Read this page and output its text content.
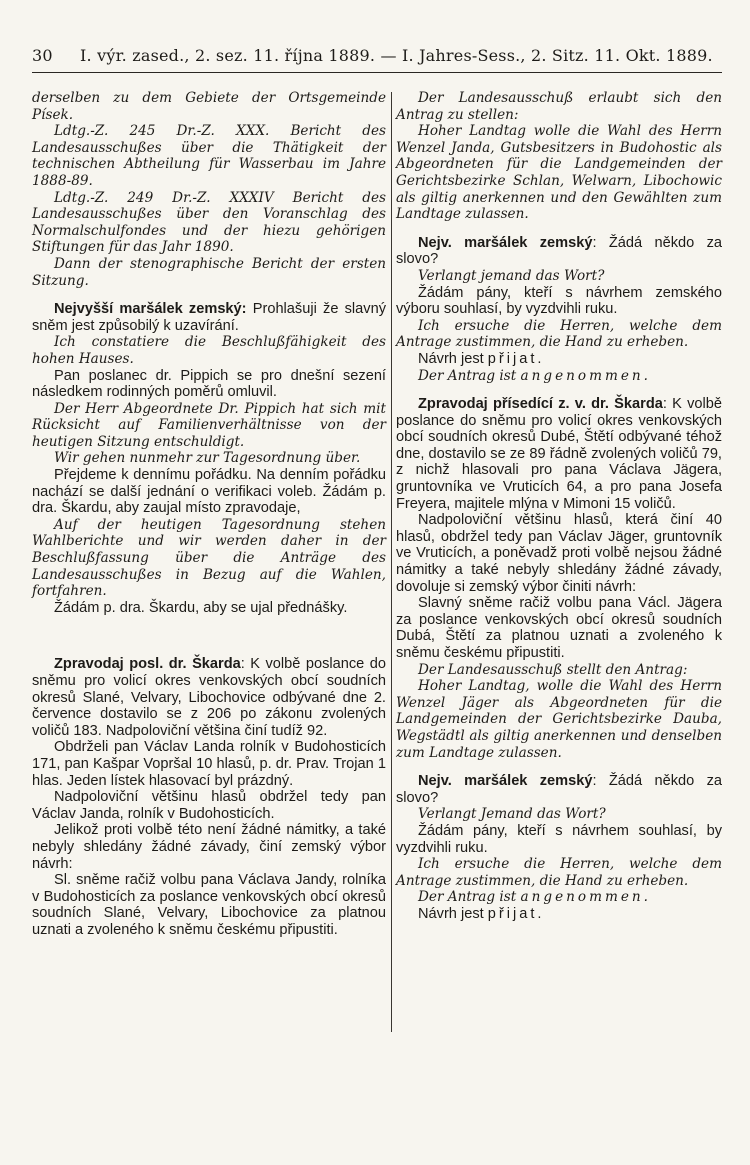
30	I. výr. zased., 2. sez. 11. října 1889. — I. Jahres-Sess., 2. Sitz. 11. Okt. 1889.

derselben zu dem Gebiete der Ortsgemeinde Písek.

Ldtg.-Z. 245 Dr.-Z. XXX. Bericht des Landesausschußes über die Thätigkeit der technischen Abtheilung für Wasserbau im Jahre 1888-89.

Ldtg.-Z. 249 Dr.-Z. XXXIV Bericht des Landesausschußes über den Voranschlag des Normalschulfondes und der hiezu gehörigen Stiftungen für das Jahr 1890.

Dann der stenographische Bericht der ersten Sitzung.

Nejvyšší maršálek zemský: Prohlašuji že slavný sněm jest způsobilý k uzavírání.

Ich constatiere die Beschlußfähigkeit des hohen Hauses.

Pan poslanec dr. Pippich se pro dnešní sezení následkem rodinných poměrů omluvil.

Der Herr Abgeordnete Dr. Pippich hat sich mit Rücksicht auf Familienverhältnisse von der heutigen Sitzung entschuldigt.

Wir gehen nunmehr zur Tagesordnung über.

Přejdeme k dennímu pořádku. Na denním pořádku nachází se další jednání o verifikaci voleb. Žádám p. dra. Škardu, aby zaujal místo zpravodaje,

Auf der heutigen Tagesordnung stehen Wahlberichte und wir werden daher in der Beschlußfassung über die Anträge des Landesausschußes in Bezug auf die Wahlen, fortfahren.

Žádám p. dra. Škardu, aby se ujal přednášky.

Zpravodaj posl. dr. Škarda: K volbě poslance do sněmu pro volicí okres venkovských obcí soudních okresů Slané, Velvary, Libochovice odbývané dne 2. července dostavilo se z 206 po zákonu zvolených voličů 183. Nadpoloviční většina činí tudíž 92.

Obdrželi pan Václav Landa rolník v Budohosticích 171, pan Kašpar Vopršal 10 hlasů, p. dr. Prav. Trojan 1 hlas. Jeden lístek hlasovací byl prázdný.

Nadpoloviční většinu hlasů obdržel tedy pan Václav Janda, rolník v Budohosticích.

Jelikož proti volbě této není žádné námitky, a také nebyly shledány žádné závady, činí zemský výbor návrh:

Sl. sněme račiž volbu pana Václava Jandy, rolníka v Budohosticích za poslance venkovských obcí okresů soudních Slané, Velvary, Libochovice za platnou uznati a zvoleného k sněmu českému připustiti.

Der Landesausschuß erlaubt sich den Antrag zu stellen:

Hoher Landtag wolle die Wahl des Herrn Wenzel Janda, Gutsbesitzers in Budohostic als Abgeordneten für die Landgemeinden der Gerichtsbezirke Schlan, Welwarn, Libochowic als giltig anerkennen und den Gewählten zum Landtage zulassen.

Nejv. maršálek zemský: Žádá někdo za slovo?

Verlangt jemand das Wort?

Žádám pány, kteří s návrhem zemského výboru souhlasí, by vyzdvihli ruku.

Ich ersuche die Herren, welche dem Antrage zustimmen, die Hand zu erheben.

Návrh jest přijat.

Der Antrag ist angenommen.

Zpravodaj přísedící z. v. dr. Škarda: K volbě poslance do sněmu pro volicí okres venkovských obcí soudních okresů Dubé, Štětí odbývané téhož dne, dostavilo se ze 89 řádně zvolených voličů 79, z nichž hlasovali pro pana Václava Jägera, gruntovníka ve Vruticích 64, a pro pana Josefa Freyera, majitele mlýna v Mimoni 15 voličů.

Nadpoloviční většinu hlasů, která činí 40 hlasů, obdržel tedy pan Václav Jäger, gruntovník ve Vruticích, a poněvadž proti volbě nejsou žádné námitky a také nebyly shledány žádné závady, dovoluje si zemský výbor činiti návrh:

Slavný sněme račiž volbu pana Václ. Jägera za poslance venkovských obcí okresů soudních Dubá, Štětí za platnou uznati a zvoleného k sněmu českému připustiti.

Der Landesausschuß stellt den Antrag:

Hoher Landtag, wolle die Wahl des Herrn Wenzel Jäger als Abgeordneten für die Landgemeinden der Gerichtsbezirke Dauba, Wegstädtl als giltig anerkennen und denselben zum Landtage zulassen.

Nejv. maršálek zemský: Žádá někdo za slovo?

Verlangt Jemand das Wort?

Žádám pány, kteří s návrhem souhlasí, by vyzdvihli ruku.

Ich ersuche die Herren, welche dem Antrage zustimmen, die Hand zu erheben.

Der Antrag ist angenommen.

Návrh jest přijat.
